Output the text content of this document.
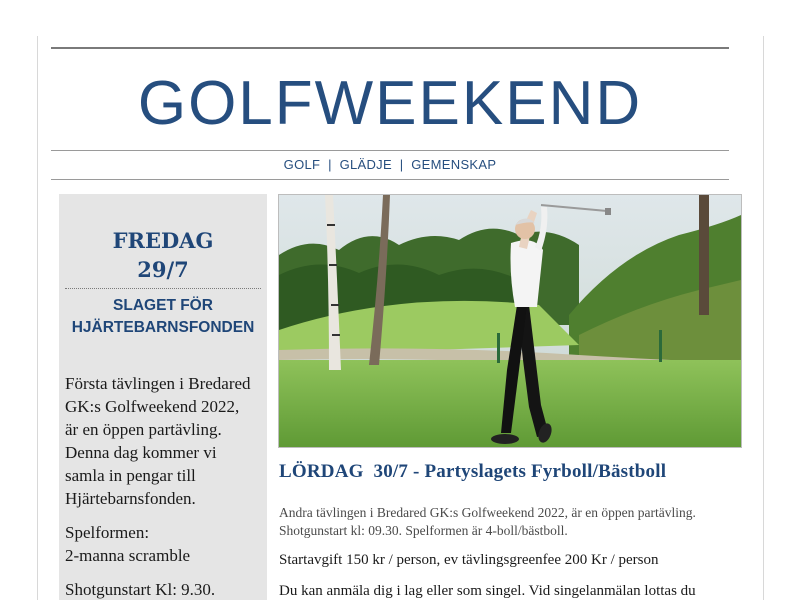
GOLFWEEKEND
GOLF  |  GLÄDJE  |  GEMENSKAP
FREDAG
29/7
SLAGET FÖR
HJÄRTEBARNSFONDEN
Första tävlingen i Bredared
GK:s Golfweekend 2022,
är en öppen partävling.
Denna dag kommer vi
samla in pengar till
Hjärtebarnsfonden.
Spelformen:
2-manna scramble
Shotgunstart Kl: 9.30.
LÖRDAG  30/7 - Partyslagets Fyrboll/Bästboll
Andra tävlingen i Bredared GK:s Golfweekend 2022, är en öppen partävling. Shotgunstart kl: 09.30. Spelformen är 4-boll/bästboll.
Startavgift 150 kr / person, ev tävlingsgreenfee 200 Kr / person
Du kan anmäla dig i lag eller som singel. Vid singelanmälan lottas du
